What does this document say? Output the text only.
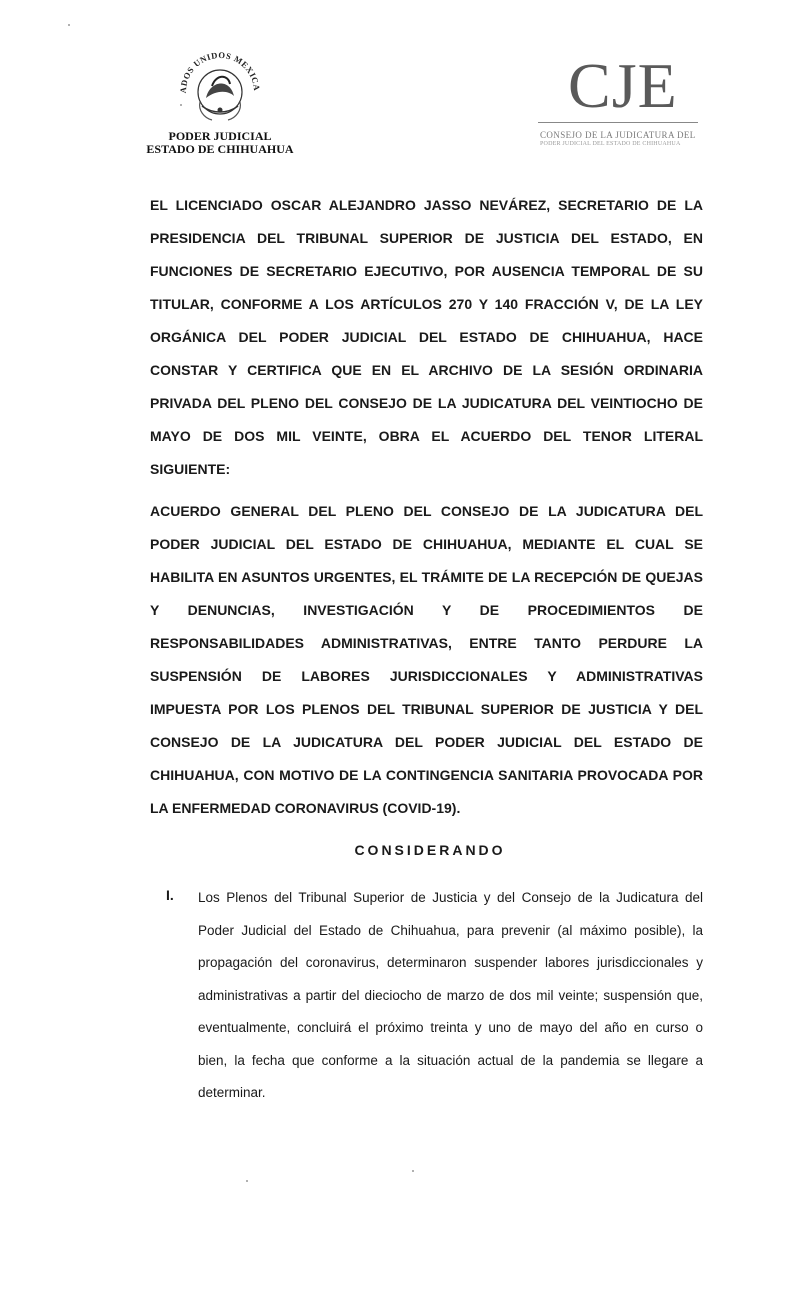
ADOS UNIDOS MEXICA
PODER JUDICIAL
ESTADO DE CHIHUAHUA
CJE
CONSEJO DE LA JUDICATURA DEL
PODER JUDICIAL DEL ESTADO DE CHIHUAHUA
EL LICENCIADO OSCAR ALEJANDRO JASSO NEVÁREZ, SECRETARIO DE LA
PRESIDENCIA DEL TRIBUNAL SUPERIOR DE JUSTICIA DEL ESTADO, EN
FUNCIONES DE SECRETARIO EJECUTIVO, POR AUSENCIA TEMPORAL DE SU
TITULAR, CONFORME A LOS ARTÍCULOS 270 Y 140 FRACCIÓN V, DE LA LEY
ORGÁNICA DEL PODER JUDICIAL DEL ESTADO DE CHIHUAHUA, HACE
CONSTAR Y CERTIFICA QUE EN EL ARCHIVO DE LA SESIÓN ORDINARIA
PRIVADA DEL PLENO DEL CONSEJO DE LA JUDICATURA DEL VEINTIOCHO DE
MAYO DE DOS MIL VEINTE, OBRA EL ACUERDO DEL TENOR LITERAL
SIGUIENTE:
ACUERDO GENERAL DEL PLENO DEL CONSEJO DE LA JUDICATURA DEL
PODER JUDICIAL DEL ESTADO DE CHIHUAHUA, MEDIANTE EL CUAL SE
HABILITA EN ASUNTOS URGENTES, EL TRÁMITE DE LA RECEPCIÓN DE QUEJAS
Y DENUNCIAS, INVESTIGACIÓN Y DE PROCEDIMIENTOS DE
RESPONSABILIDADES ADMINISTRATIVAS, ENTRE TANTO PERDURE LA
SUSPENSIÓN DE LABORES JURISDICCIONALES Y ADMINISTRATIVAS
IMPUESTA POR LOS PLENOS DEL TRIBUNAL SUPERIOR DE JUSTICIA Y DEL
CONSEJO DE LA JUDICATURA DEL PODER JUDICIAL DEL ESTADO DE
CHIHUAHUA, CON MOTIVO DE LA CONTINGENCIA SANITARIA PROVOCADA POR
LA ENFERMEDAD CORONAVIRUS (COVID-19).
CONSIDERANDO
I. Los Plenos del Tribunal Superior de Justicia y del Consejo de la Judicatura del
Poder Judicial del Estado de Chihuahua, para prevenir (al máximo posible), la
propagación del coronavirus, determinaron suspender labores jurisdiccionales y
administrativas a partir del dieciocho de marzo de dos mil veinte; suspensión que,
eventualmente, concluirá el próximo treinta y uno de mayo del año en curso o
bien, la fecha que conforme a la situación actual de la pandemia se llegare a
determinar.
